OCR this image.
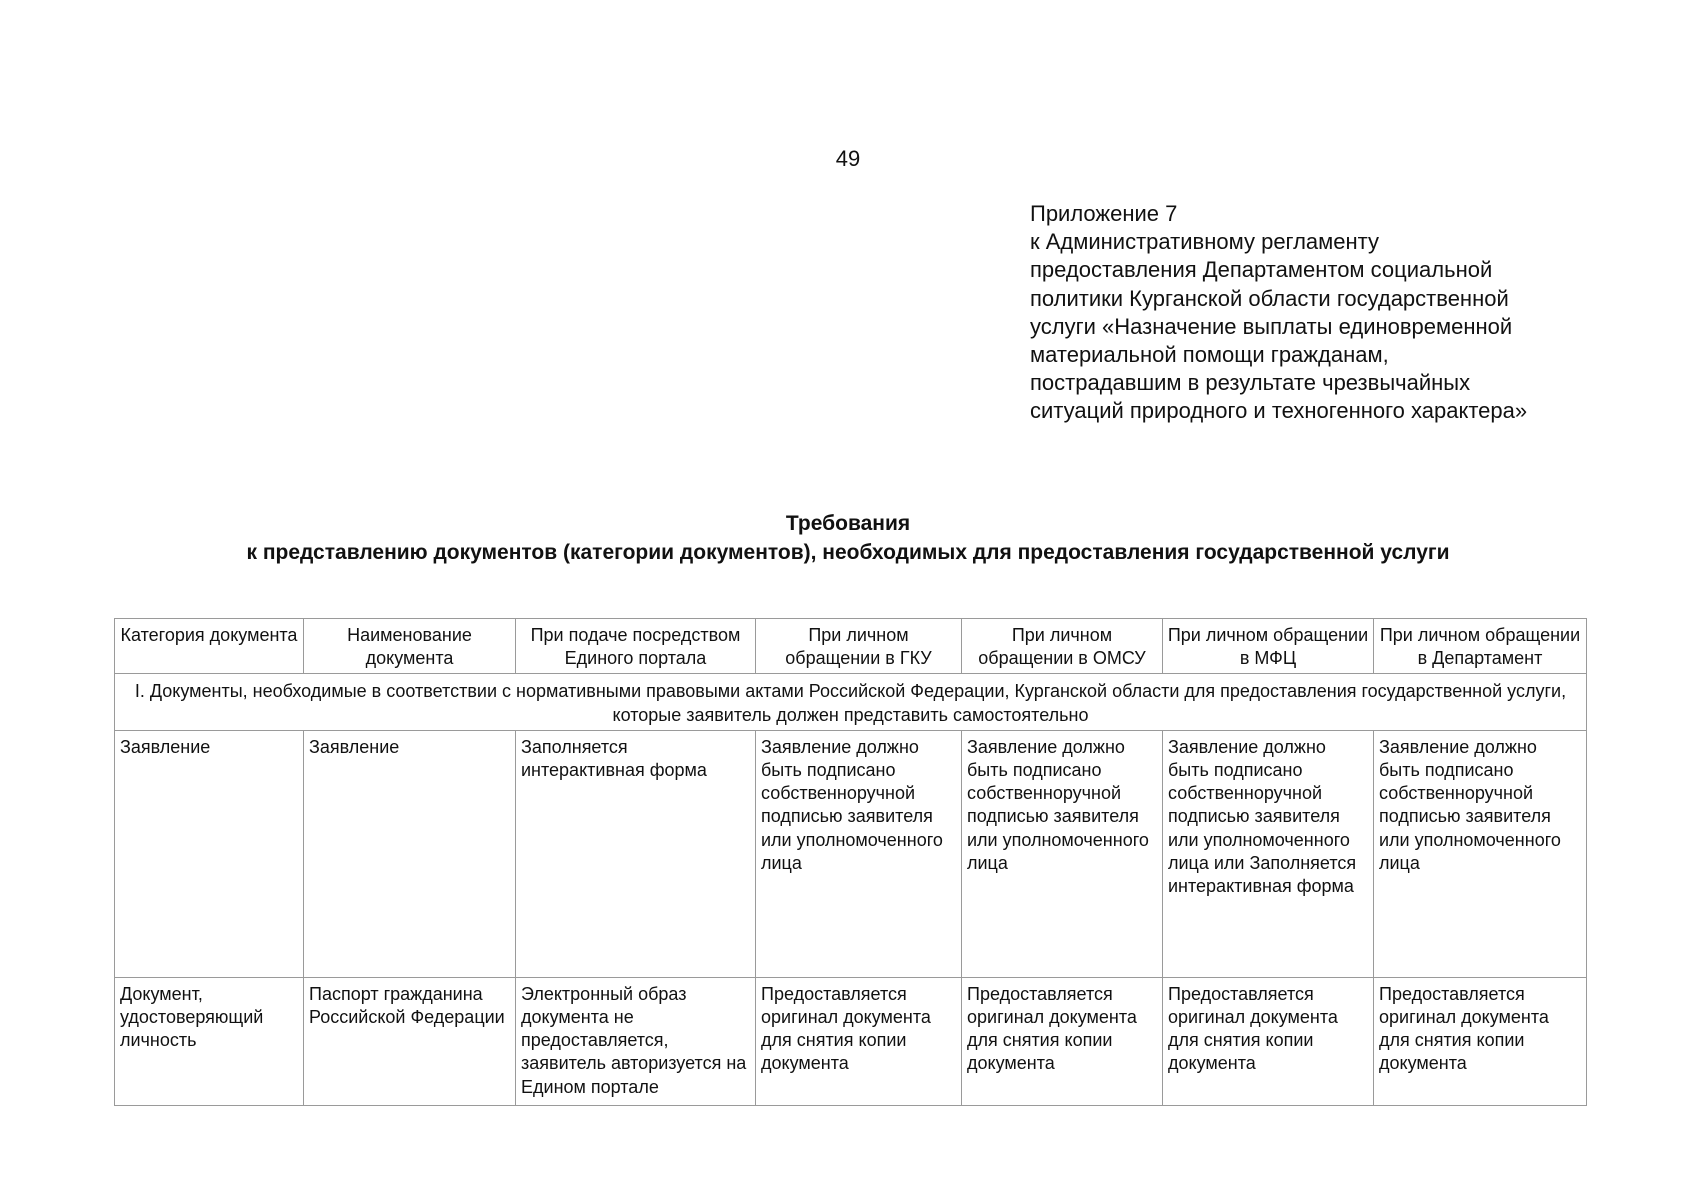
49
Приложение 7
к Административному регламенту
предоставления Департаментом социальной
политики Курганской области государственной
услуги «Назначение выплаты единовременной
материальной помощи гражданам,
пострадавшим в результате чрезвычайных
ситуаций природного и техногенного характера»
Требования
к представлению документов (категории документов), необходимых для предоставления государственной услуги
Категория документа	Наименование документа	При подаче посредством Единого портала	При личном обращении в ГКУ	При личном обращении в ОМСУ	При личном обращении в МФЦ	При личном обращении в Департамент
I. Документы, необходимые в соответствии с нормативными правовыми актами Российской Федерации, Курганской области для предоставления государственной услуги, которые заявитель должен представить самостоятельно						
Заявление	Заявление	Заполняется интерактивная форма	Заявление должно быть подписано собственноручной подписью заявителя или уполномоченного лица	Заявление должно быть подписано собственноручной подписью заявителя или уполномоченного лица	Заявление должно быть подписано собственноручной подписью заявителя или уполномоченного лица или Заполняется интерактивная форма	Заявление должно быть подписано собственноручной подписью заявителя или уполномоченного лица
Документ, удостоверяющий личность	Паспорт гражданина Российской Федерации	Электронный образ документа не предоставляется, заявитель авторизуется на Едином портале	Предоставляется оригинал документа для снятия копии документа	Предоставляется оригинал документа для снятия копии документа	Предоставляется оригинал документа для снятия копии документа	Предоставляется оригинал документа для снятия копии документа
